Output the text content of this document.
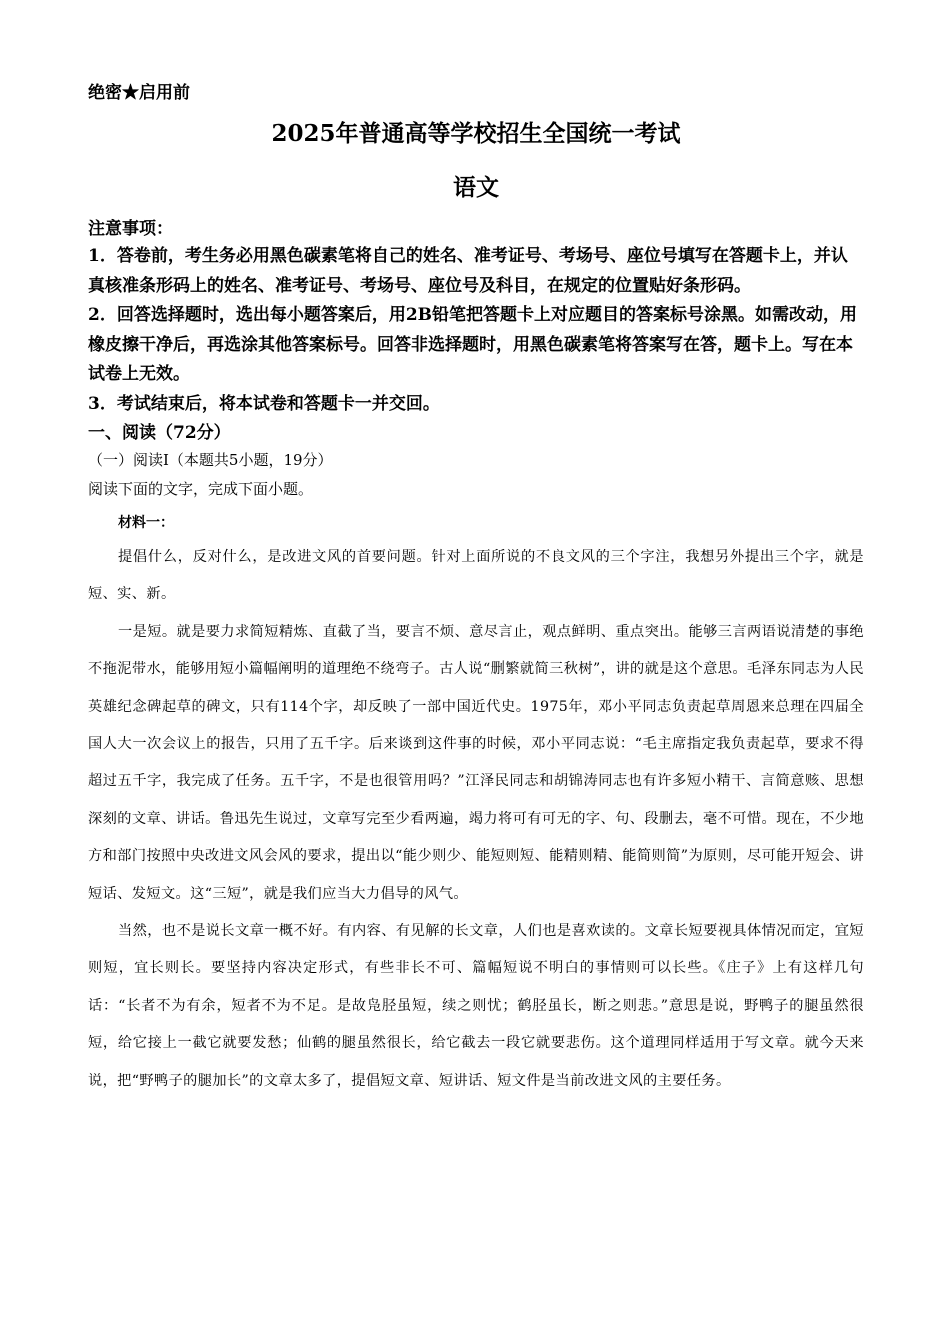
绝密★启用前
2025年普通高等学校招生全国统一考试
语文
注意事项：
1．答卷前，考生务必用黑色碳素笔将自己的姓名、准考证号、考场号、座位号填写在答题卡上，并认真核准条形码上的姓名、准考证号、考场号、座位号及科目，在规定的位置贴好条形码。
2．回答选择题时，选出每小题答案后，用2B铅笔把答题卡上对应题目的答案标号涂黑。如需改动，用橡皮擦干净后，再选涂其他答案标号。回答非选择题时，用黑色碳素笔将答案写在答，题卡上。写在本试卷上无效。
3．考试结束后，将本试卷和答题卡一并交回。
一、阅读（72分）
（一）阅读I（本题共5小题，19分）
阅读下面的文字，完成下面小题。
材料一：
提倡什么，反对什么，是改进文风的首要问题。针对上面所说的不良文风的三个字注，我想另外提出三个字，就是短、实、新。
一是短。就是要力求简短精炼、直截了当，要言不烦、意尽言止，观点鲜明、重点突出。能够三言两语说清楚的事绝不拖泥带水，能够用短小篇幅阐明的道理绝不绕弯子。古人说“删繁就简三秋树”，讲的就是这个意思。毛泽东同志为人民英雄纪念碑起草的碑文，只有114个字，却反映了一部中国近代史。1975年，邓小平同志负责起草周恩来总理在四届全国人大一次会议上的报告，只用了五千字。后来谈到这件事的时候，邓小平同志说：“毛主席指定我负责起草，要求不得超过五千字，我完成了任务。五千字，不是也很管用吗？”江泽民同志和胡锦涛同志也有许多短小精干、言简意赅、思想深刻的文章、讲话。鲁迅先生说过，文章写完至少看两遍，竭力将可有可无的字、句、段删去，毫不可惜。现在，不少地方和部门按照中央改进文风会风的要求，提出以“能少则少、能短则短、能精则精、能简则简”为原则，尽可能开短会、讲短话、发短文。这“三短”，就是我们应当大力倡导的风气。
当然，也不是说长文章一概不好。有内容、有见解的长文章，人们也是喜欢读的。文章长短要视具体情况而定，宜短则短，宜长则长。要坚持内容决定形式，有些非长不可、篇幅短说不明白的事情则可以长些。《庄子》上有这样几句话：“长者不为有余，短者不为不足。是故凫胫虽短，续之则忧；鹤胫虽长，断之则悲。”意思是说，野鸭子的腿虽然很短，给它接上一截它就要发愁；仙鹤的腿虽然很长，给它截去一段它就要悲伤。这个道理同样适用于写文章。就今天来说，把“野鸭子的腿加长”的文章太多了，提倡短文章、短讲话、短文件是当前改进文风的主要任务。
